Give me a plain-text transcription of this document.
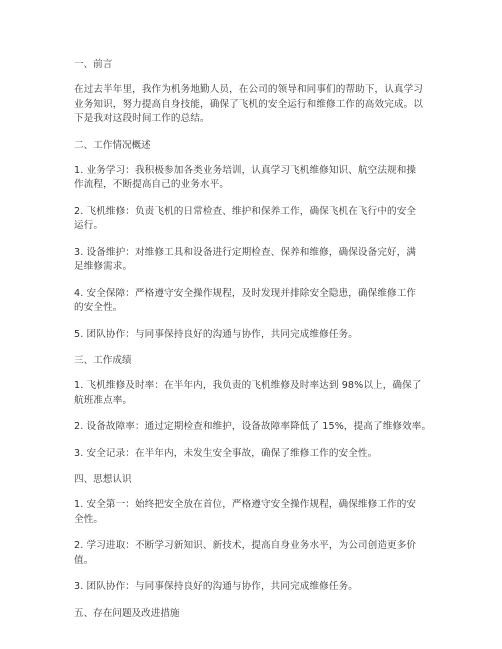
一、前言
在过去半年里，我作为机务地勤人员，在公司的领导和同事们的帮助下，认真学习
业务知识，努力提高自身技能，确保了飞机的安全运行和维修工作的高效完成。以
下是我对这段时间工作的总结。
二、工作情况概述
1. 业务学习：我积极参加各类业务培训，认真学习飞机维修知识、航空法规和操
作流程，不断提高自己的业务水平。
2. 飞机维修：负责飞机的日常检查、维护和保养工作，确保飞机在飞行中的安全
运行。
3. 设备维护：对维修工具和设备进行定期检查、保养和维修，确保设备完好，满
足维修需求。
4. 安全保障：严格遵守安全操作规程，及时发现并排除安全隐患，确保维修工作
的安全性。
5. 团队协作：与同事保持良好的沟通与协作，共同完成维修任务。
三、工作成绩
1. 飞机维修及时率：在半年内，我负责的飞机维修及时率达到 98%以上，确保了
航班准点率。
2. 设备故障率：通过定期检查和维护，设备故障率降低了 15%，提高了维修效率。
3. 安全记录：在半年内，未发生安全事故，确保了维修工作的安全性。
四、思想认识
1. 安全第一：始终把安全放在首位，严格遵守安全操作规程，确保维修工作的安
全性。
2. 学习进取：不断学习新知识、新技术，提高自身业务水平，为公司创造更多价
值。
3. 团队协作：与同事保持良好的沟通与协作，共同完成维修任务。
五、存在问题及改进措施
